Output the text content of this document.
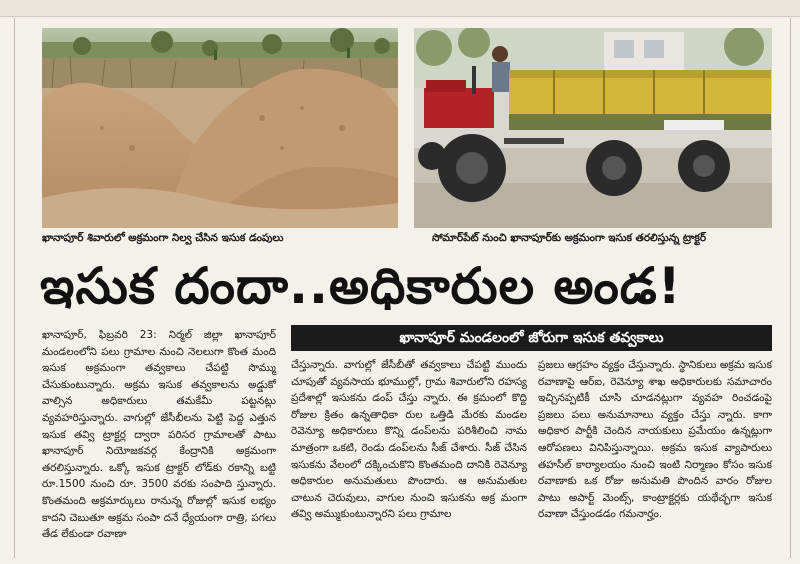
ఖానాపూర్ శివారులో అక్రమంగా నిల్వ చేసిన ఇసుక డంపులు	సోమార్‌పేట్ నుంచి ఖానాపూర్‌కు అక్రమంగా ఇసుక తరలిస్తున్న ట్రాక్టర్
ఇసుక దందా..అధికారుల అండ!
ఖానాపూర్ మండలంలో జోరుగా ఇసుక తవ్వకాలు

ఖానాపూర్, ఫిబ్రవరి 23: నిర్మల్ జిల్లా ఖానాపూర్ మండలంలోని పలు గ్రామాల నుంచి నెలలుగా కొంత మంది ఇసుక అక్రమంగా తవ్వకాలు చేపట్టి సొమ్ము చేసుకుంటున్నారు. అక్రమ ఇసుక తవ్వకాలను అడ్డుకో వాల్సిన అధికారులు తమకేమీ పట్టనట్లు వ్యవహరిస్తున్నారు. వాగుల్లో జేసీబీలను పెట్టి పెద్ద ఎత్తున ఇసుక తవ్వి ట్రాక్టర్ల ద్వారా పరిసర గ్రామాలతో పాటు ఖానాపూర్ నియోజకవర్గ కేంద్రానికి అక్రమంగా తరలిస్తున్నారు. ఒక్కో ఇసుక ట్రాక్టర్ లోడ్‌కు రకాన్ని బట్టి రూ.1500 నుంచి రూ. 3500 వరకు సంపాది స్తున్నారు. కొంతమంది అక్రమార్కులు రానున్న రోజుల్లో ఇసుక లభ్యం కాదని చెబుతూ అక్రమ సంపా దనే ధ్యేయంగా రాత్రి, పగలు తేడ లేకుండా రవాణా

చేస్తున్నారు. వాగుల్లో జేసీబీతో తవ్వకాలు చేపట్టి ముందు చూపుతో వ్యవసాయ భూముల్లో, గ్రామ శివారులోని రహస్య ప్రదేశాల్లో ఇసుకను డంప్ చేస్తు న్నారు. ఈ క్రమంలో కొద్ది రోజుల క్రితం ఉన్నతాధికా రుల ఒత్తిడి మేరకు మండల రెవెన్యూ అధికారులు కొన్ని డంప్‌లను పరిశీలించి నామ మాత్రంగా ఒకటి, రెండు డంప్‌లను సీజ్ చేశారు. సీజ్ చేసిన ఇసుకను వేలంలో దక్కించుకొని కొంతమంది దానికి రెవెన్యూ అధికారుల అనుమతులు పొందారు. ఆ అనుమతుల చాటున చెరువులు, వాగుల నుంచి ఇసుకను అక్ర మంగా తవ్వి అమ్ముకుంటున్నారని పలు గ్రామాల

ప్రజలు ఆగ్రహం వ్యక్తం చేస్తున్నారు. స్థానికులు అక్రమ ఇసుక రవాణాపై ఆర్‌ఐ, రెవెన్యూ శాఖ అధికారులకు సమాచారం ఇచ్చినప్పటికీ చూసి చూడనట్లుగా వ్యవహ రించడంపై ప్రజలు పలు అనుమానాలు వ్యక్తం చేస్తు న్నారు. కాగా అధికార పార్టీకి చెందిన నాయకులు ప్రమేయం ఉన్నట్లుగా ఆరోపణలు వినిపిస్తున్నాయి. అక్రమ ఇసుక వ్యాపారులు తహసీల్ కార్యాలయం నుంచి ఇంటి నిర్మాణం కోసం ఇసుక రవాణాకు ఒక రోజు అనుమతి పొందిన వారం రోజుల పాటు అపార్ట్ మెంట్స్, కాంట్రాక్టర్లకు యథేచ్ఛగా ఇసుక రవాణా చేస్తుండడం గమనార్హం.
